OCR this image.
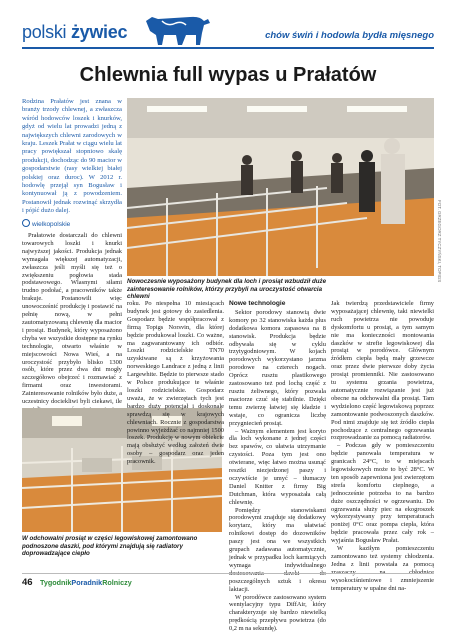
polski żywiec	chów świń i hodowla bydła mięsnego
Chlewnia full wypas u Prałatów
Rodzina Prałatów jest znana w branży trzody chlewnej, a zwłaszcza wśród hodowców loszek i knurków, gdyż od wielu lat prowadzi jedną z największych chlewni zarodowych w kraju. Leszek Prałat w ciągu wielu lat pracy powiększał stopniowo skalę produkcji, dochodząc do 90 macior w gospodarstwie (rasy wielkiej białej polskiej oraz duroc). W 2012 r. hodowlę przejął syn Bogusław i kontynuował ją z powodzeniem. Postanowił jednak rozwinąć skrzydła i pójść dużo dalej.
wielkopolskie	FOT. GRZEGORZ TYCZYŃSKI, TOPIGS
Nowoczesnie wyposażony budynek dla loch i prosiąt wzbudził duże zainteresowanie rolników, którzy przybyli na uroczystość otwarcia chlewni

Prałatowie dostarczali do chlewni towarowych loszki i knurki najwyższej jakości. Produkcja jednak wymagała większej automatyzacji, zwłaszcza jeśli myśli się też o zwiększeniu pogłowia stada podstawowego. Wlasnymi siłami trudno podołać, a pracowników także brakuje. Postanowili więc unowocześnić produkcję i postawić na pełnię nową, w pełni zautomatyzowaną chlewnię dla macior i prosiąt. Budynek, który wyposażono chyba we wszystkie dostępne na rynku technologie, otwarto właśnie w miejscowości Nowa Wieś, a na uroczystość przybyło blisko 1300 osób, które przez dwa dni mogły szczegółowo obejrzeć i rozmawiać z firmami oraz inwestorami. Zainteresowanie rolników było duże, a uczestnicy dociekliwi byli ciekawi, ile

W odchowalni prosiąt w części legowiskowej zamontowano podnoszone daszki, pod którymi znajdują się radiatory doprowadzające ciepło

roku. Po niespełna 10 miesiącach budynek jest gotowy do zasiedlenia. Gospodarz będzie współpracował z firmą Topigs Norsvin, dla której będzie produkował loszki. Co ważne, ma zagwarantowany ich odbiór. Loszki rodzicielskie TN70 uzyskiwane są z krzyżowania norweskiego Landrace z jedną z linii Largewhite. Będzie to pierwsze stado w Polsce produkujące te właśnie loszki rodzicielskie. Gospodarz uważa, że w zwierzętach tych jest bardzo duży potencjał i doskonale sprawdzą się w krajowych chlewniach. Rocznie z gospodarstwa powinno wyjeżdżać co najmniej 1500 loszek. Produkcję w nowym obiekcie mają obsłużyć według założeń dwie osoby – gospodarz oraz jeden pracownik.

Nowe technologie

Sektor porodowy stanowią dwie komory po 32 stanowiska każda plus dodatkowa komora zapasowa na 8 stanowisk. Produkcja będzie odbywała się w cyklu trzytygodniowym. W kojach porodowych wykorzystano jarzma porodowe na czterech nogach. Oprócz rusztu plastikowego zastosowano też pod lochą część z rusztu żeliwnego, który pozwala maciorze czuć się stabilnie. Dzięki temu zwierzę łatwiej się kładzie i wstaje, co ogranicza liczbę przygniecień prosiąt.

– Ważnym elementem jest koryto dla loch wykonane z jednej części bez spawów, co ułatwia utrzymanie czystości. Poza tym jest ono otwierane, więc łatwo można usunąć resztki niezjedzonej paszy i oczywiście je umyć – tłumaczy Daniel Knitter z firmy Big Dutchman, która wyposażała całą chlewnię.

Pomiędzy stanowiskami porodowymi znajduje się dodatkowy korytarz, który ma ułatwiać rolnikowi dostęp do dozowników paszy jest ona we wszystkich grupach zadawana automatycznie, jednak w przypadku loch karmiących wymaga indywidualnego poszczególnych sztuk i okresu laktacji.

W porodówce zastosowano system wentylacyjny typu DiffAir, który charakteryzuje się bardzo niewielką prędkością przepływu powietrza (do 0,2 m na sekundę).

Jak twierdzą przedstawiciele firmy wyposażającej chlewnię, taki niewielki ruch powietrza nie powoduje dyskomfortu u prosiąt, a tym samym nie ma konieczności montowania daszków w strefie legowiskowej dla prosiąt w porodówce. Głównym źródłem ciepła będą mały grzewcze oraz przez dwie pierwsze doby życia prosiąt promienniki. Nie zastosowano tu systemu grzania powietrza, automatycznie rozwiązanie jest już obecne na odchowalni dla prosiąt. Tam wydzielono część legowiskową poprzez zamontowanie podwoszonych daszków. Pod nimi znajduje się też źródło ciepła pochodzące z centralnego ogrzewania rozprowadzanie za pomocą radiatorów.

– Podczas gdy w pomieszczeniu będzie panowała temperatura w granicach 24°C, to w miejscach legowiskowych może to być 28°C. W ten sposób zapewniona jest zwierzętom strefa komfortu cieplnego, a jednocześnie potrzeba to na bardzo duże oszczędności w ogrzewaniu. Do ogrzewania służy piec na ekogroszek wykorzystywany przy temperaturach poniżej 0°C oraz pompa ciepła, która będzie pracowała przez cały rok – wyjaśnia Bogusław Prałat.

W kaziłym pomieszczeniu zamontowano też systemy chłodzenia. Jedna z linii powstała za pomocą wysokociśnieniowe i zmniejszenie temperatury w upalne dni na-

46 TygodnikPoradnikRolniczy
